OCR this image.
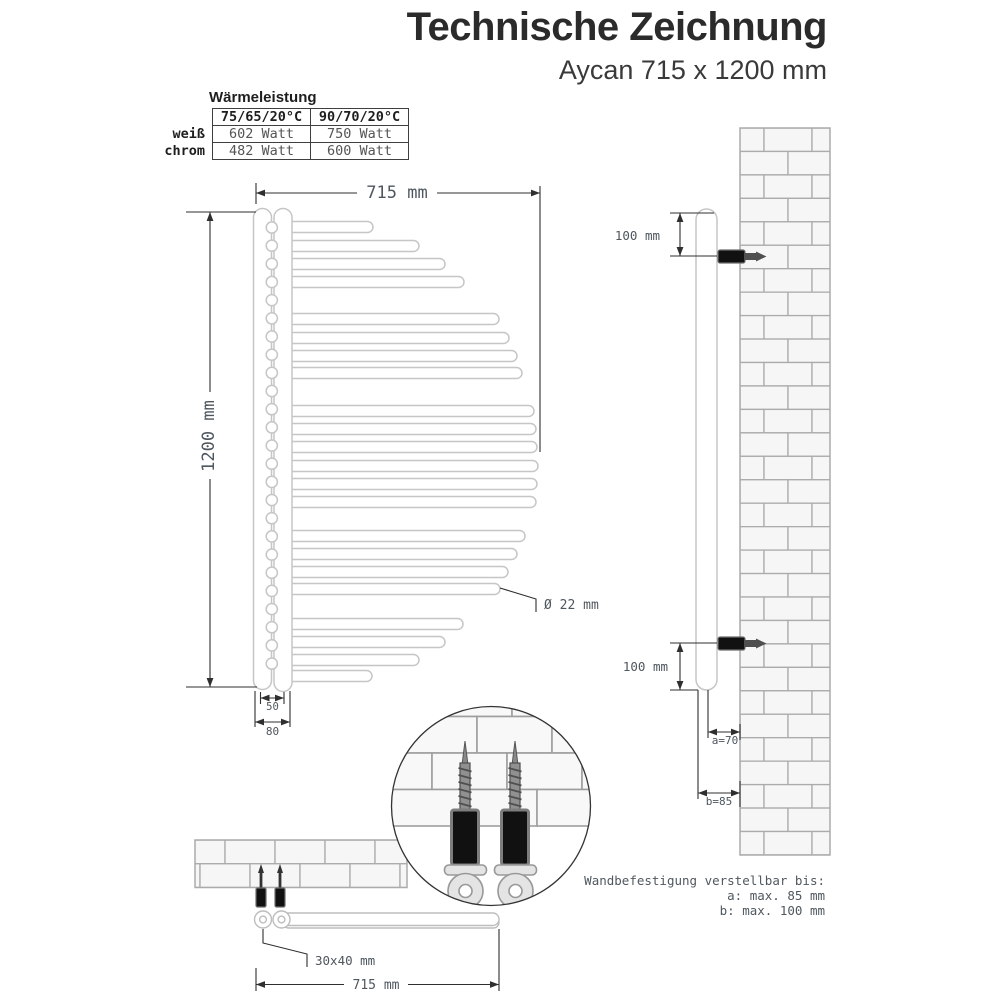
715 mm
1200 mm
50
80
Ø 22 mm
100 mm
100 mm
a=70
b=85
30x40 mm
715 mm
Technische Zeichnung
Aycan 715 x 1200 mm
Wärmeleistung
	75/65/20°C	90/70/20°C
weiß	602 Watt	750 Watt
chrom	482 Watt	600 Watt
Wandbefestigung verstellbar bis:
a: max. 85 mm
b: max. 100 mm
